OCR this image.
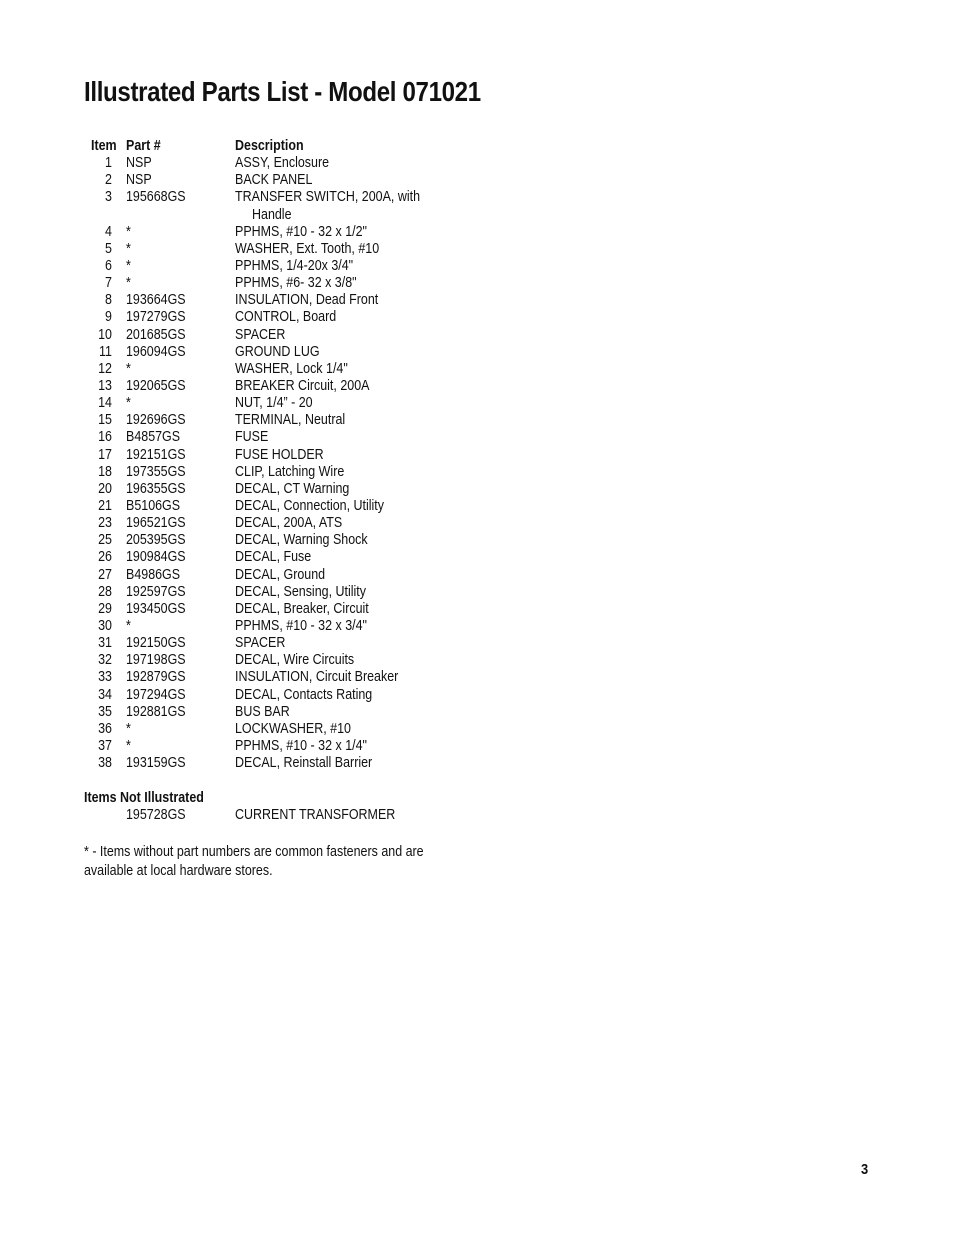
Illustrated Parts List - Model 071021
Item Part #	Description
1 NSP	ASSY, Enclosure
2 NSP	BACK PANEL
3 195668GS	TRANSFER SWITCH, 200A, with
Handle
4 *	PPHMS, #10 - 32 x 1/2"
5 *	WASHER, Ext. Tooth, #10
6 *	PPHMS, 1/4-20x 3/4"
7 *	PPHMS, #6- 32 x 3/8"
8 193664GS	INSULATION, Dead Front
9 197279GS	CONTROL, Board
10 201685GS	SPACER
11 196094GS	GROUND LUG
12 *	WASHER, Lock 1/4"
13 192065GS	BREAKER Circuit, 200A
14 *	NUT, 1/4” - 20
15 192696GS	TERMINAL, Neutral
16 B4857GS	FUSE
17 192151GS	FUSE HOLDER
18 197355GS	CLIP, Latching Wire
20 196355GS	DECAL, CT Warning
21 B5106GS	DECAL, Connection, Utility
23 196521GS	DECAL, 200A, ATS
25 205395GS	DECAL, Warning Shock
26 190984GS	DECAL, Fuse
27 B4986GS	DECAL, Ground
28 192597GS	DECAL, Sensing, Utility
29 193450GS	DECAL, Breaker, Circuit
30 *	PPHMS, #10 - 32 x 3/4"
31 192150GS	SPACER
32 197198GS	DECAL, Wire Circuits
33 192879GS	INSULATION, Circuit Breaker
34 197294GS	DECAL, Contacts Rating
35 192881GS	BUS BAR
36 *	LOCKWASHER, #10
37 *	PPHMS, #10 - 32 x 1/4"
38 193159GS	DECAL, Reinstall Barrier
Items Not Illustrated
195728GS	CURRENT TRANSFORMER

* - Items without part numbers are common fasteners and are available at local hardware stores.

3
